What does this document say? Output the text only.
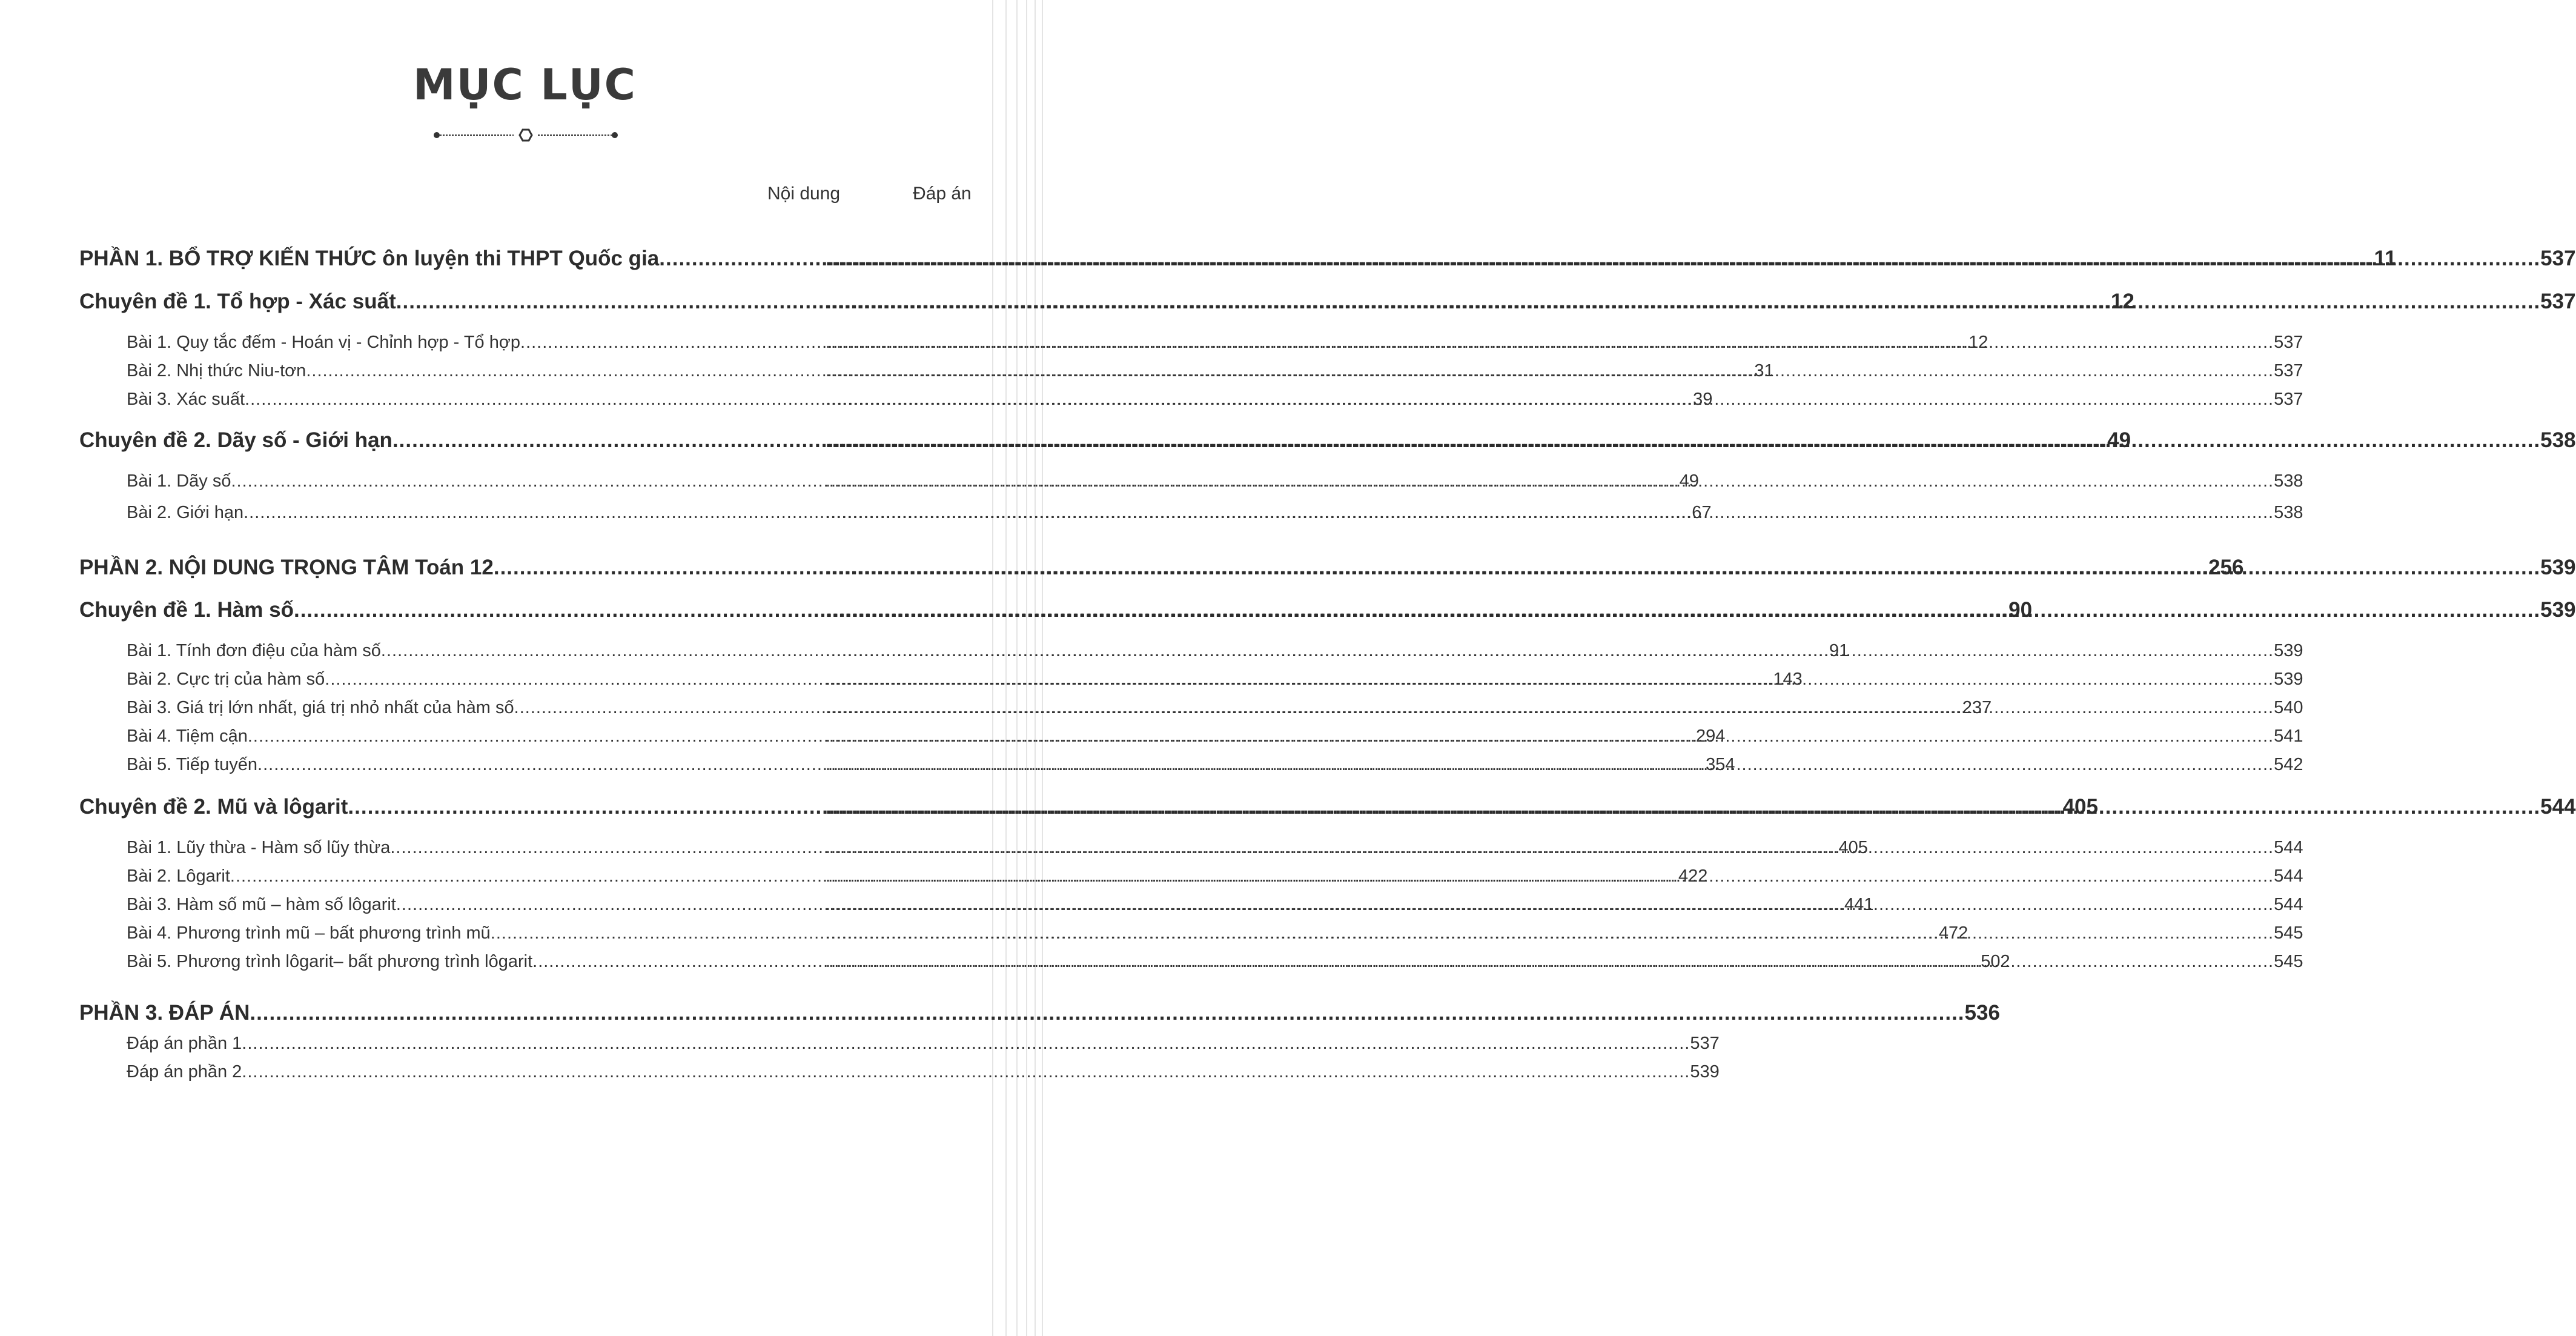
MỤC LỤC
Nội dung	Đáp án
PHẦN 1. BỔ TRỢ KIẾN THỨC ôn luyện thi THPT Quốc gia .....	11 .....	537
Chuyên đề 1. Tổ hợp - Xác suất .....	12 .....	537
Bài 1. Quy tắc đếm - Hoán vị - Chỉnh hợp - Tổ hợp .....	12 .....	537
Bài 2. Nhị thức Niu-tơn .....	31 .....	537
Bài 3. Xác suất .....	39 .....	537
Chuyên đề 2. Dãy số - Giới hạn .....	49 .....	538
Bài 1. Dãy số .....	49 .....	538
Bài 2. Giới hạn .....	67 .....	538
PHẦN 2. NỘI DUNG TRỌNG TÂM Toán 12 .....	256 .....	539
Chuyên đề 1. Hàm số .....	90 .....	539
Bài 1. Tính đơn điệu của hàm số .....	91 .....	539
Bài 2. Cực trị của hàm số .....	143 .....	539
Bài 3. Giá trị lớn nhất, giá trị nhỏ nhất của hàm số .....	237 .....	540
Bài 4. Tiệm cận .....	294 .....	541
Bài 5. Tiếp tuyến .....	354 .....	542
Chuyên đề 2. Mũ và lôgarit .....	405 .....	544
Bài 1. Lũy thừa - Hàm số lũy thừa .....	405 .....	544
Bài 2. Lôgarit .....	422 .....	544
Bài 3. Hàm số mũ – hàm số lôgarit .....	441 .....	544
Bài 4. Phương trình mũ – bất phương trình mũ .....	472 .....	545
Bài 5. Phương trình lôgarit– bất phương trình lôgarit .....	502 .....	545
PHẦN 3. ĐÁP ÁN .....	536
Đáp án phần 1 .....	537
Đáp án phần 2 .....	539
